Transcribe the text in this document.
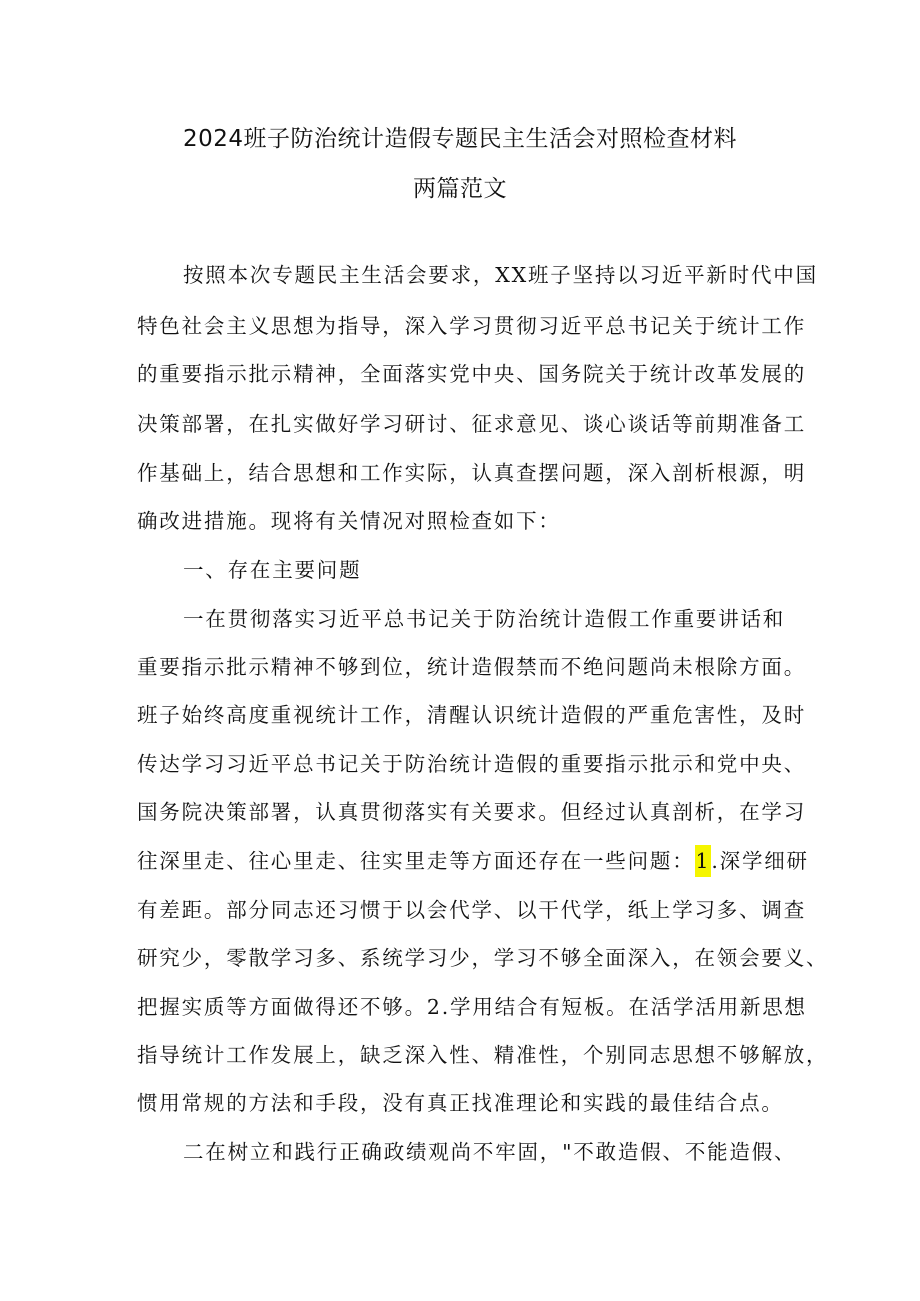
2024班子防治统计造假专题民主生活会对照检查材料
两篇范文
按照本次专题民主生活会要求，XX班子坚持以习近平新时代中国
特色社会主义思想为指导，深入学习贯彻习近平总书记关于统计工作
的重要指示批示精神，全面落实党中央、国务院关于统计改革发展的
决策部署，在扎实做好学习研讨、征求意见、谈心谈话等前期准备工
作基础上，结合思想和工作实际，认真查摆问题，深入剖析根源，明
确改进措施。现将有关情况对照检查如下：
一、存在主要问题
一在贯彻落实习近平总书记关于防治统计造假工作重要讲话和
重要指示批示精神不够到位，统计造假禁而不绝问题尚未根除方面。
班子始终高度重视统计工作，清醒认识统计造假的严重危害性，及时
传达学习习近平总书记关于防治统计造假的重要指示批示和党中央、
国务院决策部署，认真贯彻落实有关要求。但经过认真剖析，在学习
往深里走、往心里走、往实里走等方面还存在一些问题：1.深学细研
有差距。部分同志还习惯于以会代学、以干代学，纸上学习多、调查
研究少，零散学习多、系统学习少，学习不够全面深入，在领会要义、
把握实质等方面做得还不够。2.学用结合有短板。在活学活用新思想
指导统计工作发展上，缺乏深入性、精准性，个别同志思想不够解放，
惯用常规的方法和手段，没有真正找准理论和实践的最佳结合点。
二在树立和践行正确政绩观尚不牢固，"不敢造假、不能造假、
